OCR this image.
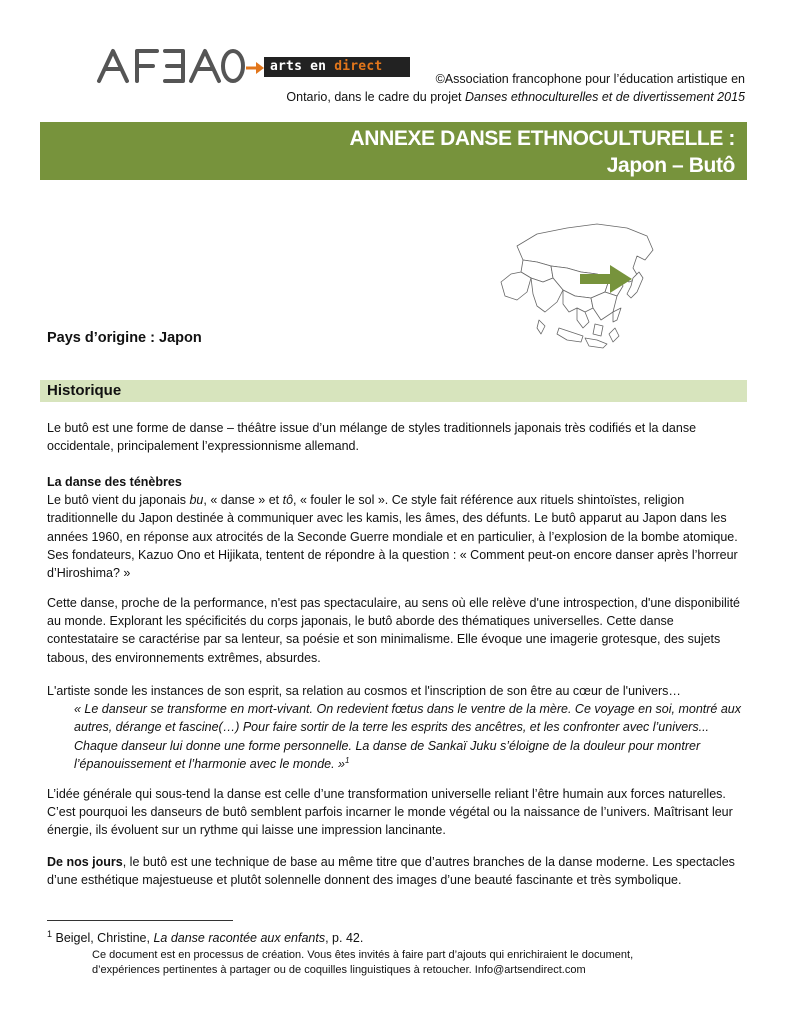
arts en direct
©Association francophone pour l’éducation artistique en
Ontario, dans le cadre du projet Danses ethnoculturelles et de divertissement 2015
ANNEXE DANSE ETHNOCULTURELLE :
Japon – Butô
Pays d’origine : Japon
Historique

Le butô est une forme de danse – théâtre issue d’un mélange de styles traditionnels japonais très codifiés et la danse occidentale, principalement l’expressionnisme allemand.

La danse des ténèbres

Le butô vient du japonais bu, « danse » et tô, « fouler le sol ». Ce style fait référence aux rituels shintoïstes, religion traditionnelle du Japon destinée à communiquer avec les kamis, les âmes, des défunts. Le butô apparut au Japon dans les années 1960, en réponse aux atrocités de la Seconde Guerre mondiale et en particulier, à l’explosion de la bombe atomique. Ses fondateurs, Kazuo Ono et Hijikata, tentent de répondre à la question : « Comment peut-on encore danser après l’horreur d’Hiroshima? »

Cette danse, proche de la performance, n'est pas spectaculaire, au sens où elle relève d'une introspection, d'une disponibilité au monde. Explorant les spécificités du corps japonais, le butô aborde des thématiques universelles. Cette danse contestataire se caractérise par sa lenteur, sa poésie et son minimalisme. Elle évoque une imagerie grotesque, des sujets tabous, des environnements extrêmes, absurdes.

L'artiste sonde les instances de son esprit, sa relation au cosmos et l'inscription de son être au cœur de l'univers…

« Le danseur se transforme en mort-vivant. On redevient fœtus dans le ventre de la mère. Ce voyage en soi, montré aux autres, dérange et fascine(…) Pour faire sortir de la terre les esprits des ancêtres, et les confronter avec l’univers... Chaque danseur lui donne une forme personnelle. La danse de Sankaï Juku s’éloigne de la douleur pour montrer l’épanouissement et l’harmonie avec le monde. »$^1$

L’idée générale qui sous-tend la danse est celle d’une transformation universelle reliant l’être humain aux forces naturelles. C’est pourquoi les danseurs de butô semblent parfois incarner le monde végétal ou la naissance de l’univers. Maîtrisant leur énergie, ils évoluent sur un rythme qui laisse une impression lancinante.

De nos jours, le butô est une technique de base au même titre que d’autres branches de la danse moderne. Les spectacles d’une esthétique majestueuse et plutôt solennelle donnent des images d’une beauté fascinante et très symbolique.

$^1$ Beigel, Christine, La danse racontée aux enfants, p. 42.
Ce document est en processus de création. Vous êtes invités à faire part d’ajouts qui enrichiraient le document,
d’expériences pertinentes à partager ou de coquilles linguistiques à retoucher. Info@artsendirect.com
